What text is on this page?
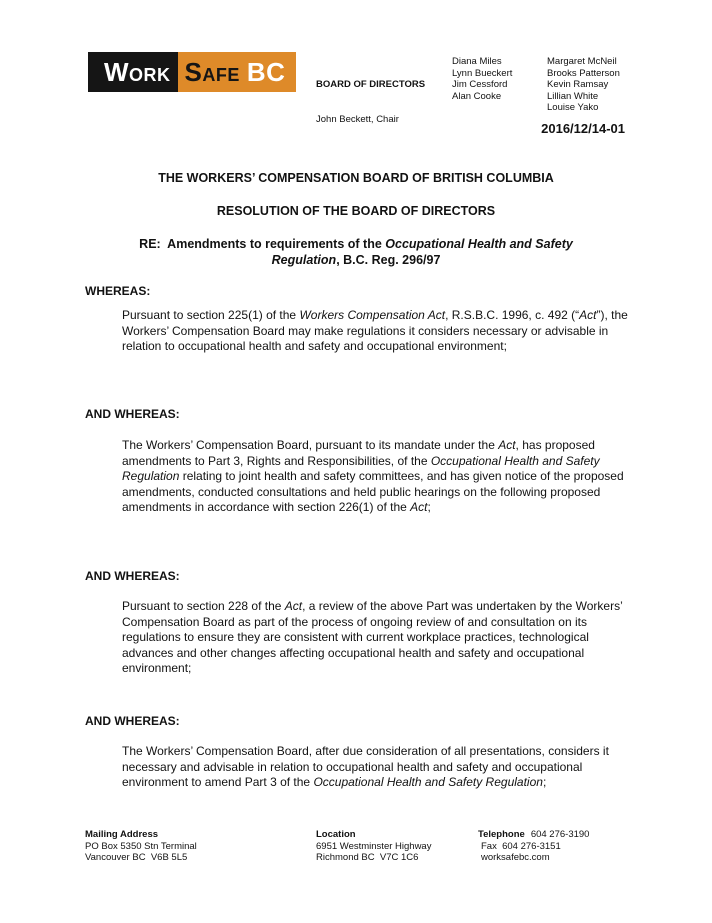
Work Safe BC

	BOARD OF DIRECTORS

John Beckett, Chair

Diana Miles
Lynn Bueckert
Jim Cessford
Alan Cooke
Margaret McNeil
Brooks Patterson
Kevin Ramsay
Lillian White
Louise Yako
2016/12/14-01
THE WORKERS’ COMPENSATION BOARD OF BRITISH COLUMBIA
RESOLUTION OF THE BOARD OF DIRECTORS
RE:  Amendments to requirements of the Occupational Health and Safety
Regulation, B.C. Reg. 296/97
WHEREAS:
Pursuant to section 225(1) of the Workers Compensation Act, R.S.B.C. 1996, c. 492 (“Act”), the Workers’ Compensation Board may make regulations it considers necessary or advisable in relation to occupational health and safety and occupational environment;
AND WHEREAS:
The Workers’ Compensation Board, pursuant to its mandate under the Act, has proposed amendments to Part 3, Rights and Responsibilities, of the Occupational Health and Safety Regulation relating to joint health and safety committees, and has given notice of the proposed amendments, conducted consultations and held public hearings on the following proposed amendments in accordance with section 226(1) of the Act;
AND WHEREAS:
Pursuant to section 228 of the Act, a review of the above Part was undertaken by the Workers’ Compensation Board as part of the process of ongoing review of and consultation on its regulations to ensure they are consistent with current workplace practices, technological advances and other changes affecting occupational health and safety and occupational environment;
AND WHEREAS:
The Workers’ Compensation Board, after due consideration of all presentations, considers it necessary and advisable in relation to occupational health and safety and occupational environment to amend Part 3 of the Occupational Health and Safety Regulation;
Mailing Address
PO Box 5350 Stn Terminal
Vancouver BC  V6B 5L5
Location
6951 Westminster Highway
Richmond BC  V7C 1C6
Telephone 604 276-3190
Fax  604 276-3151
worksafebc.com
